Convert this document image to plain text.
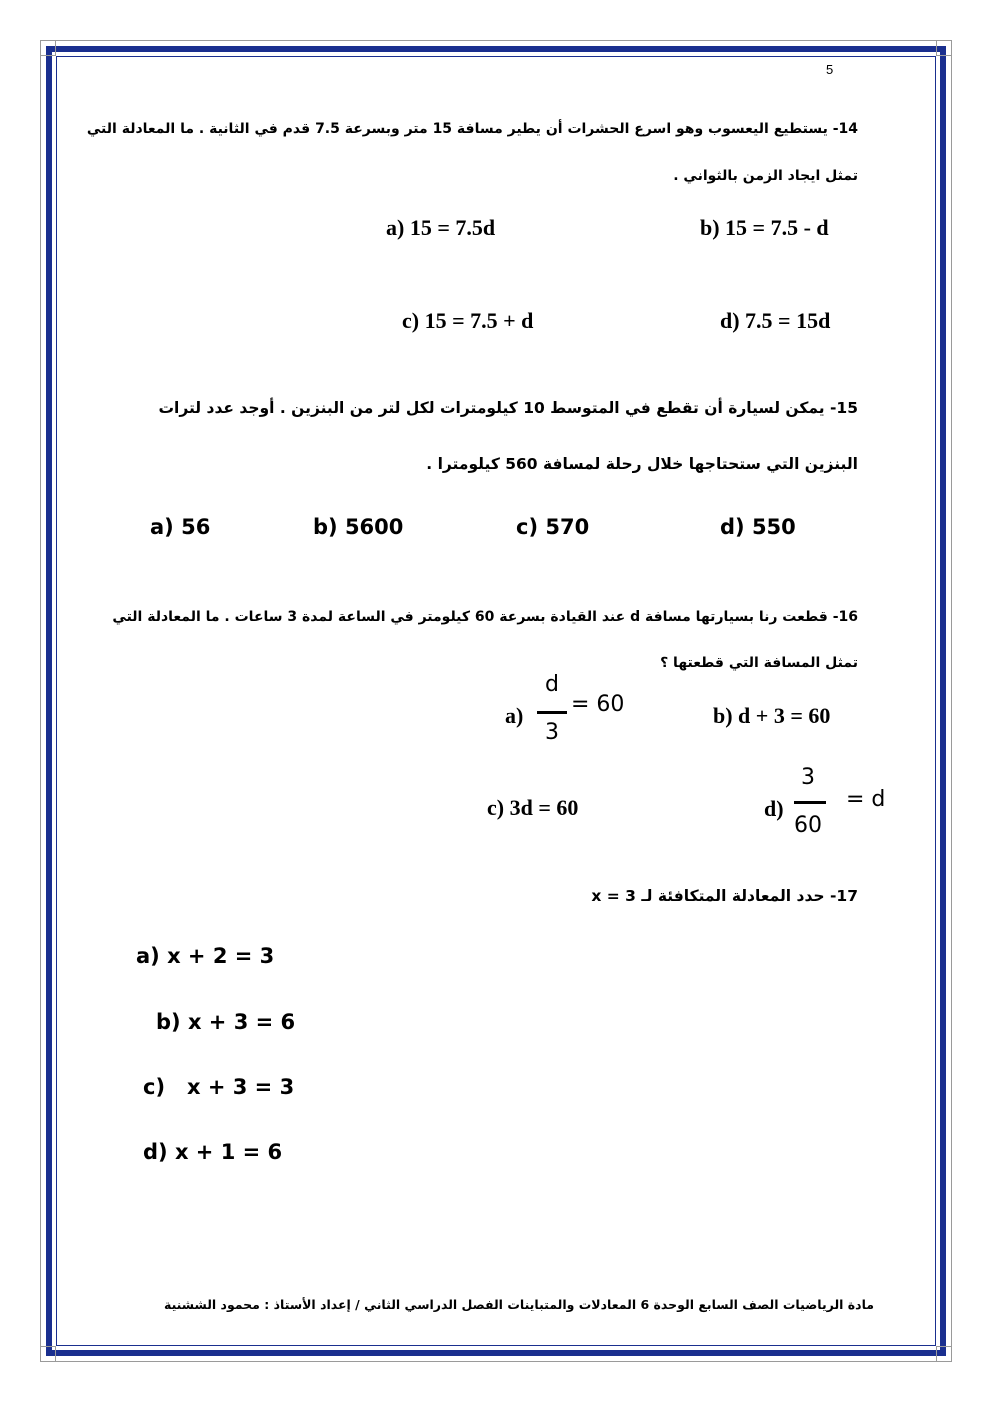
5
14- يستطيع اليعسوب وهو اسرع الحشرات أن يطير مسافة 15 متر وبسرعة 7.5 قدم في الثانية . ما المعادلة التي
تمثل ايجاد الزمن بالثواني .
a) 15 = 7.5d	b) 15 = 7.5 - d
c) 15 = 7.5 + d	d) 7.5 = 15d
15- يمكن لسيارة أن تقطع في المتوسط 10 كيلومترات لكل لتر من البنزين . أوجد عدد لترات
البنزين التي ستحتاجها خلال رحلة لمسافة 560 كيلومترا .
a) 56	b) 5600	c) 570	d) 550
16- قطعت رنا بسيارتها مسافة d عند القيادة بسرعة 60 كيلومتر في الساعة لمدة 3 ساعات . ما المعادلة التي
تمثل المسافة التي قطعتها ؟
a)
d
3
= 60	b) d + 3 = 60
c) 3d = 60	d)
3
60
= d
17- حدد المعادلة المتكافئة لـ x = 3
a) x + 2 = 3
b) x + 3 = 6
c)   x + 3 = 3
d) x + 1 = 6
مادة الرياضيات الصف السابع الوحدة 6 المعادلات والمتباينات الفصل الدراسي الثاني / إعداد الأستاذ : محمود الششنية
